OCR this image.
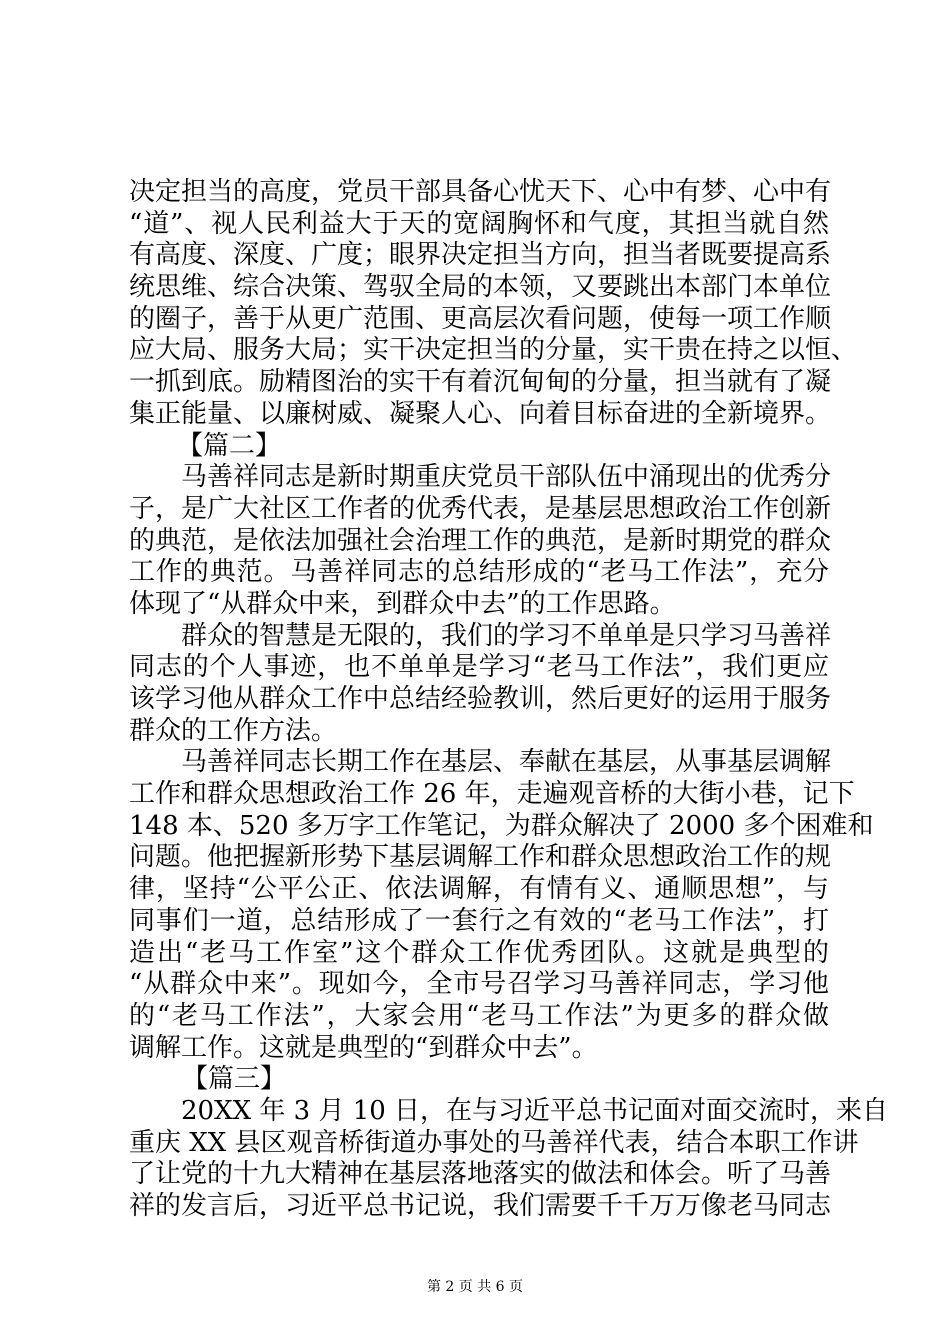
决定担当的高度，党员干部具备心忧天下、心中有梦、心中有
“道”、视人民利益大于天的宽阔胸怀和气度，其担当就自然
有高度、深度、广度；眼界决定担当方向，担当者既要提高系
统思维、综合决策、驾驭全局的本领，又要跳出本部门本单位
的圈子，善于从更广范围、更高层次看问题，使每一项工作顺
应大局、服务大局；实干决定担当的分量，实干贵在持之以恒、
一抓到底。励精图治的实干有着沉甸甸的分量，担当就有了凝
集正能量、以廉树威、凝聚人心、向着目标奋进的全新境界。
【篇二】
马善祥同志是新时期重庆党员干部队伍中涌现出的优秀分
子，是广大社区工作者的优秀代表，是基层思想政治工作创新
的典范，是依法加强社会治理工作的典范，是新时期党的群众
工作的典范。马善祥同志的总结形成的“老马工作法”，充分
体现了“从群众中来，到群众中去”的工作思路。
群众的智慧是无限的，我们的学习不单单是只学习马善祥
同志的个人事迹，也不单单是学习“老马工作法”，我们更应
该学习他从群众工作中总结经验教训，然后更好的运用于服务
群众的工作方法。
马善祥同志长期工作在基层、奉献在基层，从事基层调解
工作和群众思想政治工作 26 年，走遍观音桥的大街小巷，记下
148 本、520 多万字工作笔记，为群众解决了 2000 多个困难和
问题。他把握新形势下基层调解工作和群众思想政治工作的规
律，坚持“公平公正、依法调解，有情有义、通顺思想”，与
同事们一道，总结形成了一套行之有效的“老马工作法”，打
造出“老马工作室”这个群众工作优秀团队。这就是典型的
“从群众中来”。现如今，全市号召学习马善祥同志，学习他
的“老马工作法”，大家会用“老马工作法”为更多的群众做
调解工作。这就是典型的“到群众中去”。
【篇三】
20XX 年 3 月 10 日，在与习近平总书记面对面交流时，来自
重庆 XX 县区观音桥街道办事处的马善祥代表，结合本职工作讲
了让党的十九大精神在基层落地落实的做法和体会。听了马善
祥的发言后，习近平总书记说，我们需要千千万万像老马同志
第 2 页 共 6 页
